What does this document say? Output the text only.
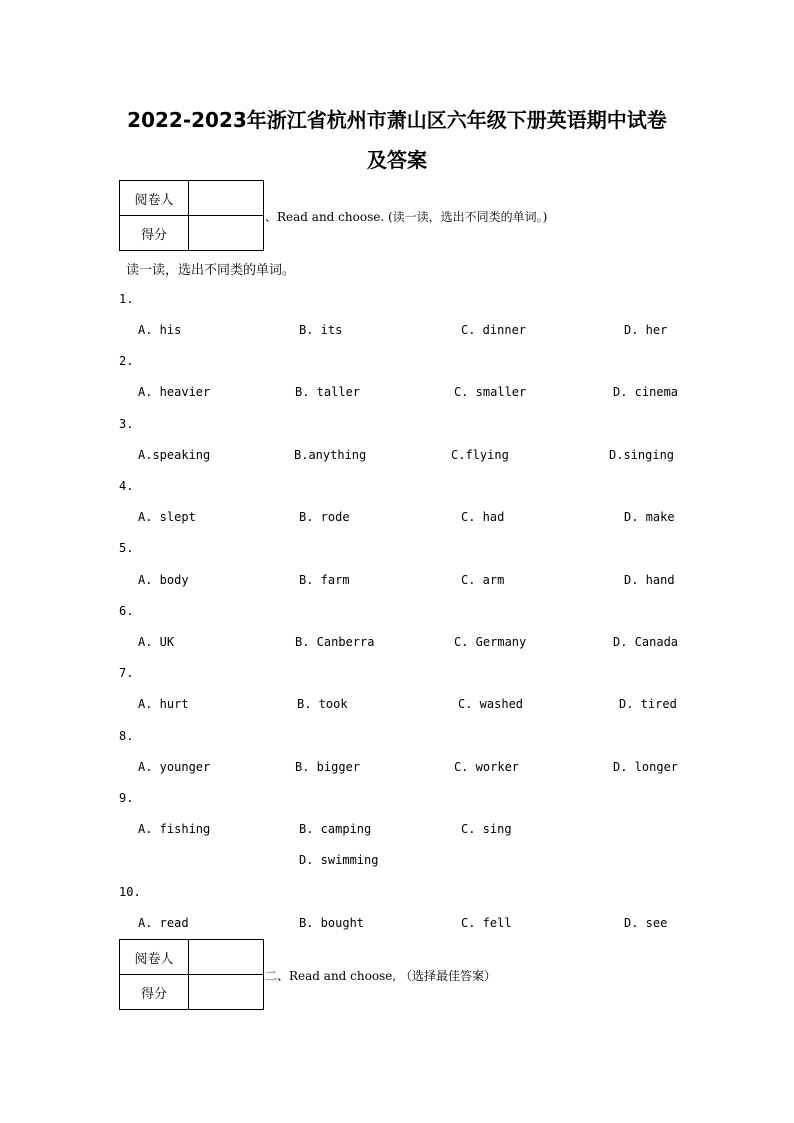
2022-2023年浙江省杭州市萧山区六年级下册英语期中试卷
及答案
阅卷人	
得分	
、Read and choose. (读一读，选出不同类的单词。)
读一读，选出不同类的单词。
1.
A. his	B. its	C. dinner	D. her
2.
A. heavier	B. taller	C. smaller	D. cinema
3.
A.speaking	B.anything	C.flying	D.singing
4.
A. slept	B. rode	C. had	D. make
5.
A. body	B. farm	C. arm	D. hand
6.
A. UK	B. Canberra	C. Germany	D. Canada
7.
A. hurt	B. took	C. washed	D. tired
8.
A. younger	B. bigger	C. worker	D. longer
9.
A. fishing	B. camping	C. sing
D. swimming
10.
A. read	B. bought	C. fell	D. see
阅卷人	
得分	
二、Read and choose, （选择最佳答案）
